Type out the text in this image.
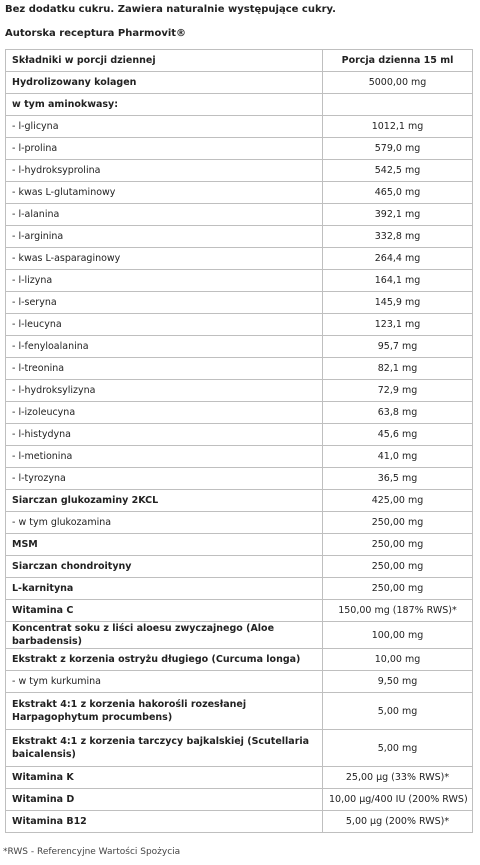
Bez dodatku cukru. Zawiera naturalnie występujące cukry.
Autorska receptura Pharmovit®
Składniki w porcji dziennej	Porcja dzienna 15 ml
Hydrolizowany kolagen	5000,00 mg
w tym aminokwasy:	
- l-glicyna	1012,1 mg
- l-prolina	579,0 mg
- l-hydroksyprolina	542,5 mg
- kwas L-glutaminowy	465,0 mg
- l-alanina	392,1 mg
- l-arginina	332,8 mg
- kwas L-asparaginowy	264,4 mg
- l-lizyna	164,1 mg
- l-seryna	145,9 mg
- l-leucyna	123,1 mg
- l-fenyloalanina	95,7 mg
- l-treonina	82,1 mg
- l-hydroksylizyna	72,9 mg
- l-izoleucyna	63,8 mg
- l-histydyna	45,6 mg
- l-metionina	41,0 mg
- l-tyrozyna	36,5 mg
Siarczan glukozaminy 2KCL	425,00 mg
- w tym glukozamina	250,00 mg
MSM	250,00 mg
Siarczan chondroityny	250,00 mg
L-karnityna	250,00 mg
Witamina C	150,00 mg (187% RWS)*
Koncentrat soku z liści aloesu zwyczajnego (Aloe barbadensis)	100,00 mg
Ekstrakt z korzenia ostryżu długiego (Curcuma longa)	10,00 mg
- w tym kurkumina	9,50 mg
Ekstrakt 4:1 z korzenia hakorośli rozesłanej Harpagophytum procumbens)	5,00 mg
Ekstrakt 4:1 z korzenia tarczycy bajkalskiej (Scutellaria baicalensis)	5,00 mg
Witamina K	25,00 µg (33% RWS)*
Witamina D	10,00 µg/400 IU (200% RWS)
Witamina B12	5,00 µg (200% RWS)*
*RWS - Referencyjne Wartości Spożycia
